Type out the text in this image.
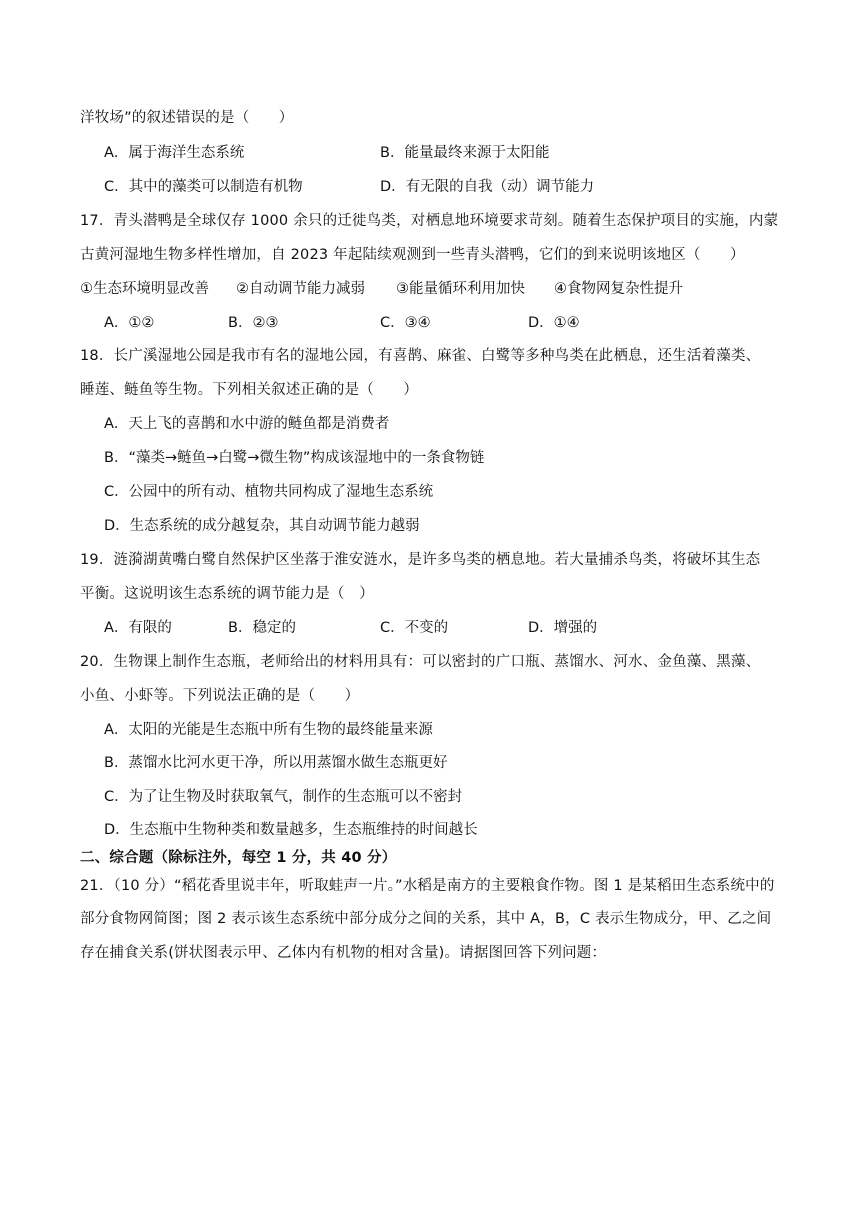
洋牧场”的叙述错误的是（　　）
A．属于海洋生态系统	B．能量最终来源于太阳能
C．其中的藻类可以制造有机物	D．有无限的自我（动）调节能力
17．青头潜鸭是全球仅存 1000 余只的迁徙鸟类，对栖息地环境要求苛刻。随着生态保护项目的实施，内蒙
古黄河湿地生物多样性增加，自 2023 年起陆续观测到一些青头潜鸭，它们的到来说明该地区（　　）
①生态环境明显改善 ②自动调节能力减弱 ③能量循环利用加快 ④食物网复杂性提升
A．①②	B．②③	C．③④	D．①④
18．长广溪湿地公园是我市有名的湿地公园，有喜鹊、麻雀、白鹭等多种鸟类在此栖息，还生活着藻类、
睡莲、鲢鱼等生物。下列相关叙述正确的是（　　）
A．天上飞的喜鹊和水中游的鲢鱼都是消费者
B．“藻类→鲢鱼→白鹭→微生物”构成该湿地中的一条食物链
C．公园中的所有动、植物共同构成了湿地生态系统
D．生态系统的成分越复杂，其自动调节能力越弱
19．涟漪湖黄嘴白鹭自然保护区坐落于淮安涟水，是许多鸟类的栖息地。若大量捕杀鸟类，将破坏其生态
平衡。这说明该生态系统的调节能力是（　）
A．有限的	B．稳定的	C．不变的	D．增强的
20．生物课上制作生态瓶，老师给出的材料用具有：可以密封的广口瓶、蒸馏水、河水、金鱼藻、黑藻、
小鱼、小虾等。下列说法正确的是（　　）
A．太阳的光能是生态瓶中所有生物的最终能量来源
B．蒸馏水比河水更干净，所以用蒸馏水做生态瓶更好
C．为了让生物及时获取氧气，制作的生态瓶可以不密封
D．生态瓶中生物种类和数量越多，生态瓶维持的时间越长
二、综合题（除标注外，每空 1 分，共 40 分）
21．（10 分）“稻花香里说丰年，听取蛙声一片。”水稻是南方的主要粮食作物。图 1 是某稻田生态系统中的
部分食物网简图；图 2 表示该生态系统中部分成分之间的关系，其中 A，B，C 表示生物成分，甲、乙之间
存在捕食关系(饼状图表示甲、乙体内有机物的相对含量)。请据图回答下列问题：
